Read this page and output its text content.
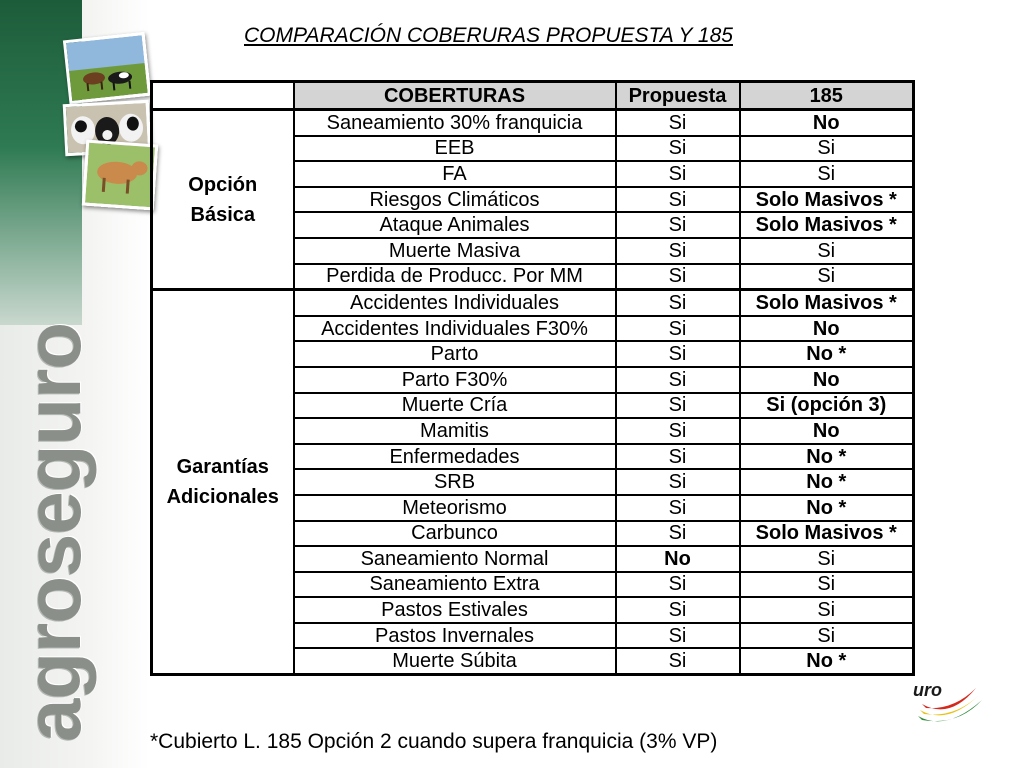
agroseguro
COMPARACIÓN COBERURAS PROPUESTA Y 185
	COBERTURAS	Propuesta	185

Opción
Básica	Saneamiento 30% franquicia	Si	No
	EEB	Si	Si
	FA	Si	Si
	Riesgos Climáticos	Si	Solo Masivos *
	Ataque Animales	Si	Solo Masivos *
	Muerte Masiva	Si	Si
	Perdida de Producc. Por MM	Si	Si

Garantías
Adicionales	Accidentes Individuales	Si	Solo Masivos *
	Accidentes Individuales F30%	Si	No
	Parto	Si	No *
	Parto F30%	Si	No
	Muerte Cría	Si	Si (opción 3)
	Mamitis	Si	No
	Enfermedades	Si	No *
	SRB	Si	No *
	Meteorismo	Si	No *
	Carbunco	Si	Solo Masivos *
	Saneamiento Normal	No	Si
	Saneamiento Extra	Si	Si
	Pastos Estivales	Si	Si
	Pastos Invernales	Si	Si
	Muerte Súbita	Si	No *
*Cubierto L. 185 Opción 2 cuando supera franquicia (3% VP)
uro
